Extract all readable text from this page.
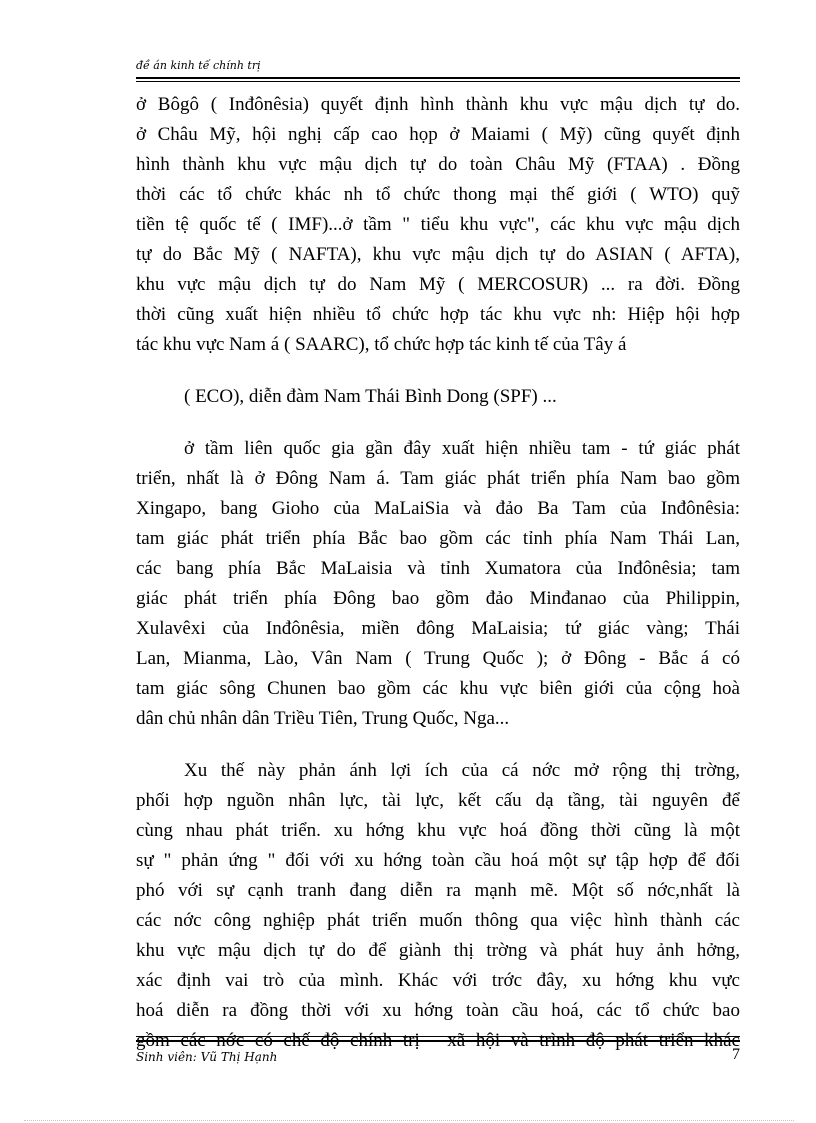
đề án kinh tế chính trị
ở Bôgô ( Inđônêsia) quyết định hình thành khu vực mậu dịch tự do.
ở Châu Mỹ, hội nghị cấp cao họp ở Maiami ( Mỹ) cũng quyết định
hình thành khu vực mậu dịch tự do toàn Châu Mỹ (FTAA) . Đồng
thời các tổ chức khác nh tổ chức thong mại thế giới ( WTO) quỹ
tiền tệ quốc tế ( IMF)...ở tầm " tiểu khu vực", các khu vực mậu dịch
tự do Bắc Mỹ ( NAFTA), khu vực mậu dịch tự do ASIAN ( AFTA),
khu vực mậu dịch tự do Nam Mỹ ( MERCOSUR) ... ra đời. Đồng
thời cũng xuất hiện nhiều tổ chức hợp tác khu vực nh: Hiệp hội hợp
tác khu vực Nam á ( SAARC), tổ chức hợp tác kinh tế của Tây á
( ECO), diễn đàm Nam Thái Bình Dong (SPF) ...
ở tầm liên quốc gia gần đây xuất hiện nhiều tam - tứ giác phát
triển, nhất là ở Đông Nam á. Tam giác phát triển phía Nam bao gồm
Xingapo, bang Gioho của MaLaiSia và đảo Ba Tam của Inđônêsia:
tam giác phát triển phía Bắc bao gồm các tỉnh phía Nam Thái Lan,
các bang phía Bắc MaLaisia và tỉnh Xumatora của Inđônêsia; tam
giác phát triển phía Đông bao gồm đảo Minđanao của Philippin,
Xulavêxi của Inđônêsia, miền đông MaLaisia; tứ giác vàng; Thái
Lan, Mianma, Lào, Vân Nam ( Trung Quốc ); ở Đông - Bắc á có
tam giác sông Chunen bao gồm các khu vực biên giới của cộng hoà
dân chủ nhân dân Triều Tiên, Trung Quốc, Nga...
Xu thế này phản ánh lợi ích của cá nớc mở rộng thị trờng,
phối hợp nguồn nhân lực, tài lực, kết cấu dạ tầng, tài nguyên để
cùng nhau phát triển. xu hớng khu vực hoá đồng thời cũng là một
sự " phản ứng " đối với xu hớng toàn cầu hoá một sự tập hợp để đối
phó với sự cạnh tranh đang diễn ra mạnh mẽ. Một số nớc,nhất là
các nớc công nghiệp phát triển muốn thông qua việc hình thành các
khu vực mậu dịch tự do để giành thị trờng và phát huy ảnh hởng,
xác định vai trò của mình. Khác với trớc đây, xu hớng khu vực
hoá diễn ra đồng thời với xu hớng toàn cầu hoá, các tổ chức bao
gồm các nớc có chế độ chính trị - xã hội và trình độ phát triển khác
Sinh viên: Vũ Thị Hạnh	7
